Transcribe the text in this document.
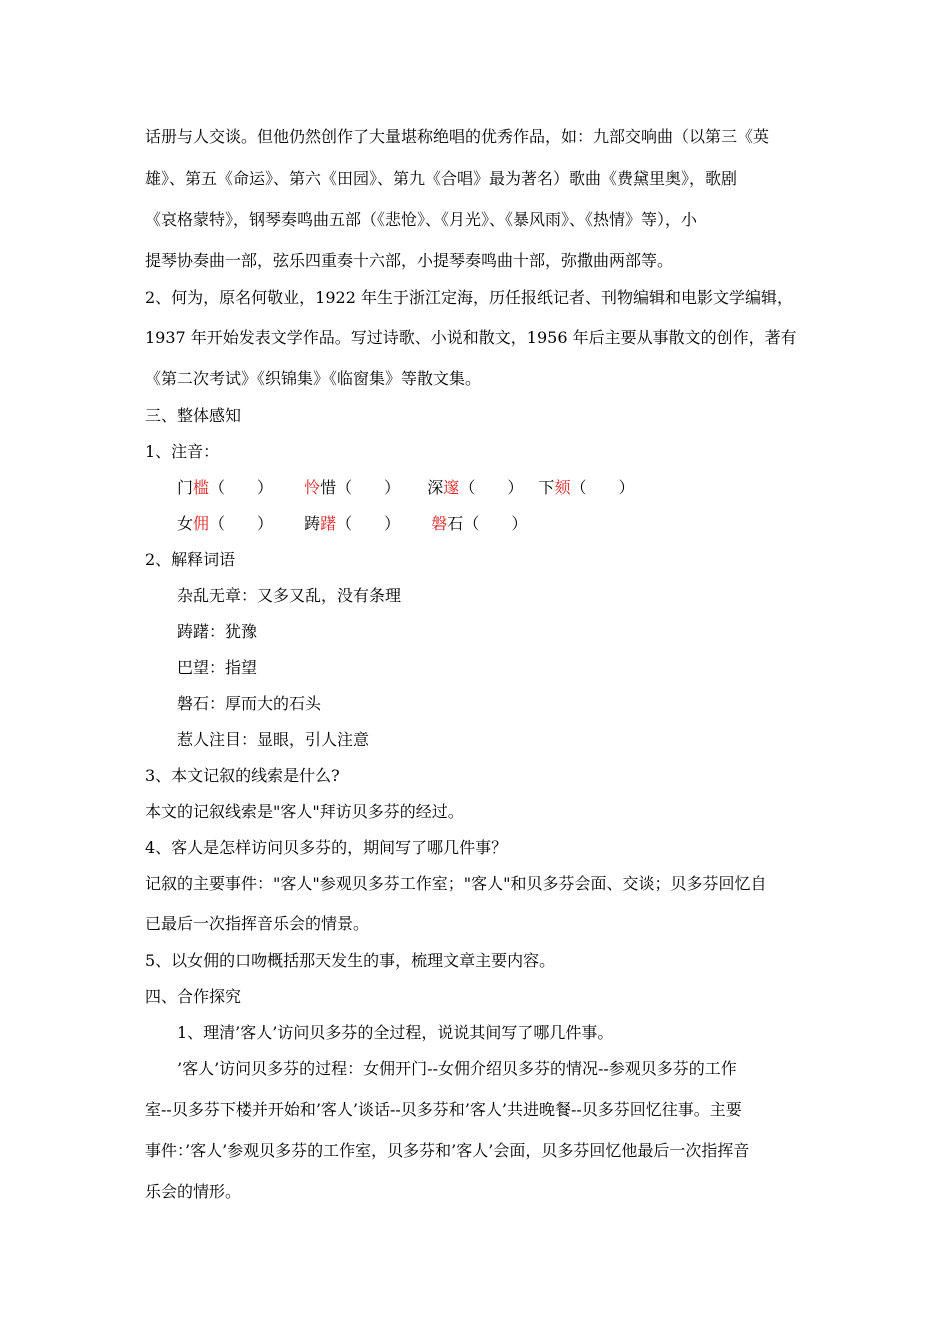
话册与人交谈。但他仍然创作了大量堪称绝唱的优秀作品，如：九部交响曲（以第三《英
雄》、第五《命运》、第六《田园》、第九《合唱》最为著名）歌曲《费黛里奥》，歌剧
《哀格蒙特》，钢琴奏鸣曲五部（《悲怆》、《月光》、《暴风雨》、《热情》等），小
提琴协奏曲一部，弦乐四重奏十六部，小提琴奏鸣曲十部，弥撒曲两部等。
2、何为，原名何敬业，1922 年生于浙江定海，历任报纸记者、刊物编辑和电影文学编辑，
1937 年开始发表文学作品。写过诗歌、小说和散文，1956 年后主要从事散文的创作，著有
《第二次考试》《织锦集》《临窗集》等散文集。
三、整体感知
1、注音：
门槛（　　） 怜惜（　　） 深邃（　　） 下颏（　　）
女佣（　　） 踌躇（　　） 磐石（　　）
2、解释词语
杂乱无章：又多又乱，没有条理
踌躇：犹豫
巴望：指望
磐石：厚而大的石头
惹人注目：显眼，引人注意
3、本文记叙的线索是什么?
本文的记叙线索是"客人"拜访贝多芬的经过。
4、客人是怎样访问贝多芬的，期间写了哪几件事？
记叙的主要事件："客人"参观贝多芬工作室；"客人"和贝多芬会面、交谈；贝多芬回忆自
已最后一次指挥音乐会的情景。
5、以女佣的口吻概括那天发生的事，梳理文章主要内容。
四、合作探究
1、理清’客人’访问贝多芬的全过程，说说其间写了哪几件事。
’客人’访问贝多芬的过程：女佣开门--女佣介绍贝多芬的情况--参观贝多芬的工作
室--贝多芬下楼并开始和’客人’谈话--贝多芬和’客人’共进晚餐--贝多芬回忆往事。主要
事件：’客人’参观贝多芬的工作室，贝多芬和’客人’会面，贝多芬回忆他最后一次指挥音
乐会的情形。
